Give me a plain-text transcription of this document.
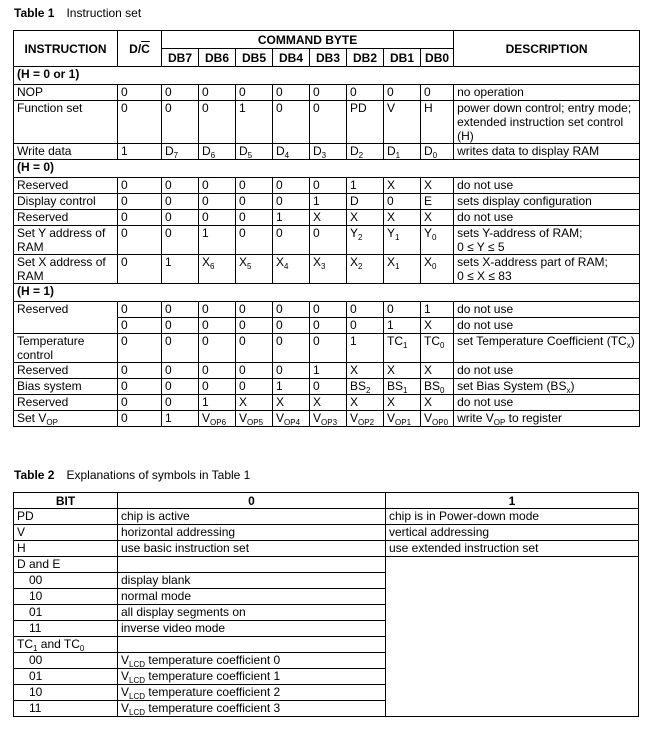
Table 1 Instruction set
INSTRUCTION	$D/\overline{C}$	COMMAND BYTE								DESCRIPTION
		DB7	DB6	DB5	DB4	DB3	DB2	DB1	DB0	
(H = 0 or 1)										
NOP	0	0	0	0	0	0	0	0	0	no operation
Function set	0	0	0	1	0	0	PD	V	H	power down control; entry mode; extended instruction set control (H)
Write data	1	$D_7$	$D_6$	$D_5$	$D_4$	$D_3$	$D_2$	$D_1$	$D_0$	writes data to display RAM
(H = 0)										
Reserved	0	0	0	0	0	0	1	X	X	do not use
Display control	0	0	0	0	0	1	D	0	E	sets display configuration
Reserved	0	0	0	0	1	X	X	X	X	do not use
Set Y address of RAM	0	0	1	0	0	0	$Y_2$	$Y_1$	$Y_0$	sets Y-address of RAM;
0 ≤ Y ≤ 5
Set X address of RAM	0	1	$X_6$	$X_5$	$X_4$	$X_3$	$X_2$	$X_1$	$X_0$	sets X-address part of RAM;
0 ≤ X ≤ 83
(H = 1)										
Reserved	0	0	0	0	0	0	0	0	1	do not use
	0	0	0	0	0	0	0	1	X	do not use
Temperature control	0	0	0	0	0	0	1	$TC_1$	$TC_0$	set Temperature Coefficient $(TC_x)$
Reserved	0	0	0	0	0	1	X	X	X	do not use
Bias system	0	0	0	0	1	0	$BS_2$	$BS_1$	$BS_0$	set Bias System $(BS_x)$
Reserved	0	0	1	X	X	X	X	X	X	do not use
Set $V_{OP}$	0	1	$V_{OP6}$	$V_{OP5}$	$V_{OP4}$	$V_{OP3}$	$V_{OP2}$	$V_{OP1}$	$V_{OP0}$	write $V_{OP}$ to register
Table 2 Explanations of symbols in Table 1
BIT	0	1
PD	chip is active	chip is in Power-down mode
V	horizontal addressing	vertical addressing
H	use basic instruction set	use extended instruction set
D and E		
00	display blank	
10	normal mode	
01	all display segments on	
11	inverse video mode	
$TC_1$ and $TC_0$	
00	$V_{LCD}$ temperature coefficient 0	
01	$V_{LCD}$ temperature coefficient 1	
10	$V_{LCD}$ temperature coefficient 2	
11	$V_{LCD}$ temperature coefficient 3	
